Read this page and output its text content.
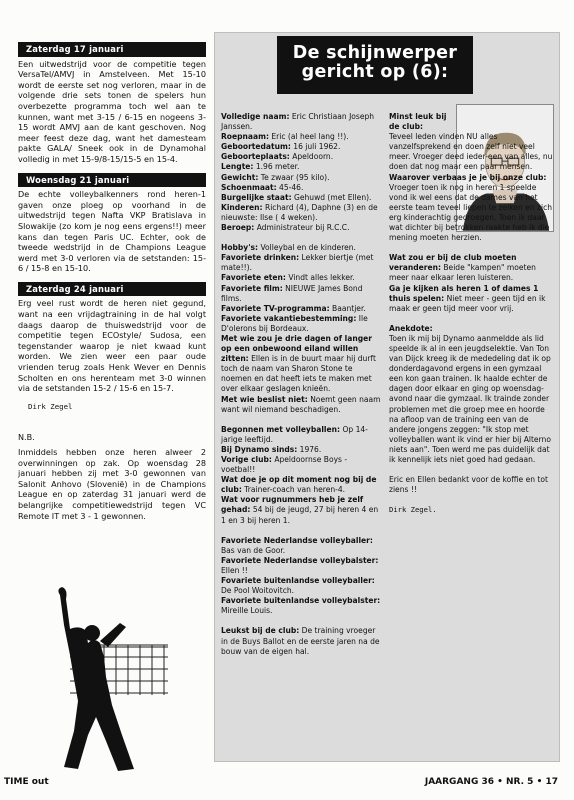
Zaterdag 17 januari

Een uitwedstrijd voor de competitie tegen VersaTel/AMVJ in Amstelveen. Met 15-10 wordt de eerste set nog verloren, maar in de volgende drie sets tonen de spelers hun overbezette programma toch wel aan te kunnen, want met 3-15 / 6-15 en nogeens 3-15 wordt AMVJ aan de kant geschoven. Nog meer feest deze dag, want het damesteam pakte GALA/ Sneek ook in de Dynamohal volledig in met 15-9/8-15/15-5 en 15-4.

Woensdag 21 januari

De echte volleybalkenners rond heren-1 gaven onze ploeg op voorhand in de uitwedstrijd tegen Nafta VKP Bratislava in Slowakije (zo kom je nog eens ergens!!) meer kans dan tegen Paris UC. Echter, ook de tweede wedstrijd in de Champions League werd met 3-0 verloren via de setstanden: 15-6 / 15-8 en 15-10.

Zaterdag 24 januari

Erg veel rust wordt de heren niet gegund, want na een vrijdagtraining in de hal volgt daags daarop de thuiswedstrijd voor de competitie tegen ECOstyle/ Sudosa, een tegenstander waarop je niet kwaad kunt worden. We zien weer een paar oude vrienden terug zoals Henk Wever en Dennis Scholten en ons herenteam met 3-0 winnen via de setstanden 15-2 / 15-6 en 15-7.

Dirk Zegel

N.B.

Inmiddels hebben onze heren alweer 2 overwinningen op zak. Op woensdag 28 januari hebben zij met 3-0 gewonnen van Salonit Anhovo (Slovenië) in de Champions League en op zaterdag 31 januari werd de belangrijke competitiewedstrijd tegen VC Remote IT met 3 - 1 gewonnen.

De schijnwerper
gericht op (6):

Volledige naam: Eric Christiaan Joseph Janssen.

Roepnaam: Eric (al heel lang !!).

Geboortedatum: 16 juli 1962.

Geboorteplaats: Apeldoorn.

Lengte: 1.96 meter.

Gewicht: Te zwaar (95 kilo).

Schoenmaat: 45-46.

Burgelijke staat: Gehuwd (met Ellen).

Kinderen: Richard (4), Daphne (3) en de nieuwste: Ilse ( 4 weken).

Beroep: Administrateur bij R.C.C.

Hobby's: Volleybal en de kinderen.

Favoriete drinken: Lekker biertje (met mate!!).

Favoriete eten: Vindt alles lekker.

Favoriete film: NIEUWE James Bond films.

Favoriete TV-programma: Baantjer.

Favoriete vakantiebestemming: Ile D'olerons bij Bordeaux.

Met wie zou je drie dagen of langer op een onbewoond eiland willen zitten: Ellen is in de buurt maar hij durft toch de naam van Sharon Stone te noemen en dat heeft iets te maken met over elkaar geslagen knieën.

Met wie beslist niet: Noemt geen naam want wil niemand beschadigen.

Begonnen met volleyballen: Op 14-jarige leeftijd.

Bij Dynamo sinds: 1976.

Vorige club: Apeldoornse Boys - voetbal!!

Wat doe je op dit moment nog bij de club: Trainer-coach van heren-4.

Wat voor rugnummers heb je zelf gehad: 54 bij de jeugd, 27 bij heren 4 en 1 en 3 bij heren 1.

Favoriete Nederlandse volleyballer: Bas van de Goor.

Favoriete Nederlandse volleybalster: Ellen !!

Fovariete buitenlandse volleyballer: De Pool Woitovitch.

Favoriete buitenlandse volleybalster: Mireille Louis.

Leukst bij de club: De training vroeger in de Buys Ballot en de eerste jaren na de bouw van de eigen hal.

Minst leuk bij de club:

Teveel leden vinden NU alles vanzelfsprekend en doen zelf niet veel meer. Vroeger deed ieder-een van alles, nu doen dat nog maar een paar mensen.

Waarover verbaas je je bij onze club: Vroeger toen ik nog in heren 1 speelde vond ik wel eens dat de dames van het eerste team teveel liepen te zeiken en zich erg kinderachtig gedroegen. Toen ik daar wat dichter bij betrokken raakte heb ik die mening moeten herzien.

Wat zou er bij de club moeten veranderen: Beide "kampen" moeten meer naar elkaar leren luisteren.

Ga je kijken als heren 1 of dames 1 thuis spelen: Niet meer - geen tijd en ik maak er geen tijd meer voor vrij.

Anekdote:

Toen ik mij bij Dynamo aanmeldde als lid speelde ik al in een jeugdselektie. Van Ton van Dijck kreeg ik de mededeling dat ik op donderdagavond ergens in een gymzaal een kon gaan trainen. Ik haalde echter de dagen door elkaar en ging op woensdag-avond naar die gymzaal. Ik trainde zonder problemen met die groep mee en hoorde na afloop van de training een van de andere jongens zeggen: "Ik stop met volleyballen want ik vind er hier bij Alterno niets aan". Toen werd me pas duidelijk dat ik kennelijk iets niet goed had gedaan.

Eric en Ellen bedankt voor de koffie en tot ziens !!

Dirk Zegel.

TIME out	JAARGANG 36 • NR. 5 • 17
